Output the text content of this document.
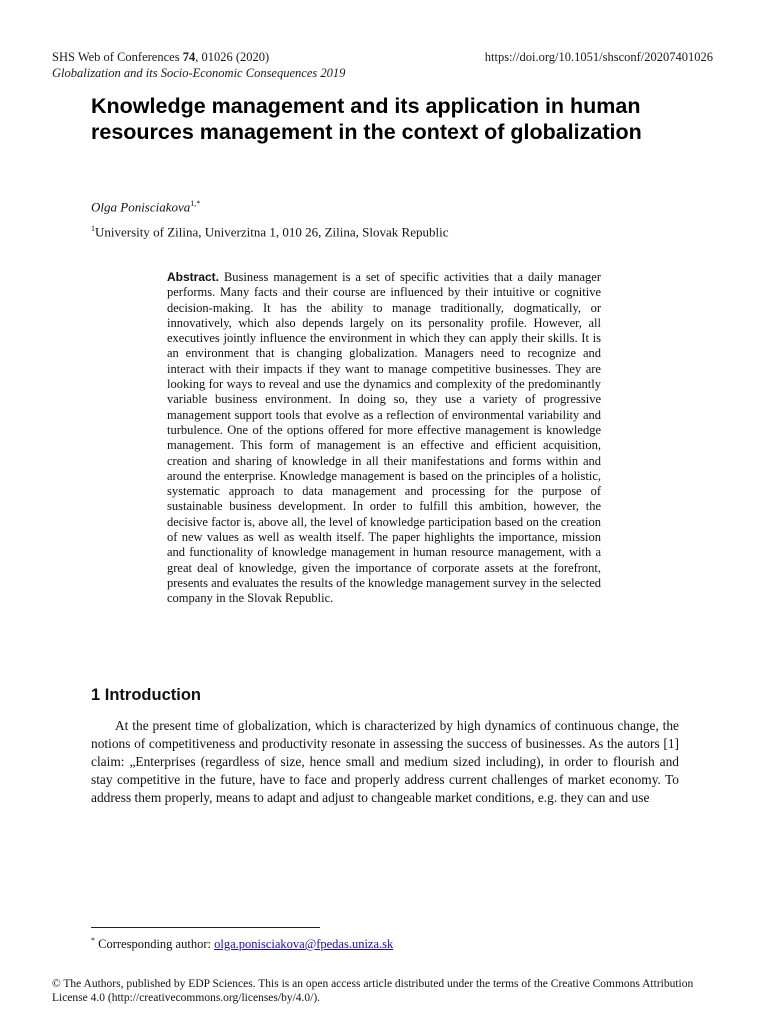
SHS Web of Conferences 74, 01026 (2020)
Globalization and its Socio-Economic Consequences 2019
https://doi.org/10.1051/shsconf/20207401026
Knowledge management and its application in human resources management in the context of globalization
Olga Ponisciakova$^{1,*}$
$^1$University of Zilina, Univerzitna 1, 010 26, Zilina, Slovak Republic
Abstract. Business management is a set of specific activities that a daily manager performs. Many facts and their course are influenced by their intuitive or cognitive decision-making. It has the ability to manage traditionally, dogmatically, or innovatively, which also depends largely on its personality profile. However, all executives jointly influence the environment in which they can apply their skills. It is an environment that is changing globalization. Managers need to recognize and interact with their impacts if they want to manage competitive businesses. They are looking for ways to reveal and use the dynamics and complexity of the predominantly variable business environment. In doing so, they use a variety of progressive management support tools that evolve as a reflection of environmental variability and turbulence. One of the options offered for more effective management is knowledge management. This form of management is an effective and efficient acquisition, creation and sharing of knowledge in all their manifestations and forms within and around the enterprise. Knowledge management is based on the principles of a holistic, systematic approach to data management and processing for the purpose of sustainable business development. In order to fulfill this ambition, however, the decisive factor is, above all, the level of knowledge participation based on the creation of new values as well as wealth itself. The paper highlights the importance, mission and functionality of knowledge management in human resource management, with a great deal of knowledge, given the importance of corporate assets at the forefront, presents and evaluates the results of the knowledge management survey in the selected company in the Slovak Republic.
1 Introduction
At the present time of globalization, which is characterized by high dynamics of continuous change, the notions of competitiveness and productivity resonate in assessing the success of businesses. As the autors [1] claim: „Enterprises (regardless of size, hence small and medium sized including), in order to flourish and stay competitive in the future, have to face and properly address current challenges of market economy. To address them properly, means to adapt and adjust to changeable market conditions, e.g. they can and use
* Corresponding author: olga.ponisciakova@fpedas.uniza.sk
© The Authors, published by EDP Sciences. This is an open access article distributed under the terms of the Creative Commons Attribution License 4.0 (http://creativecommons.org/licenses/by/4.0/).
